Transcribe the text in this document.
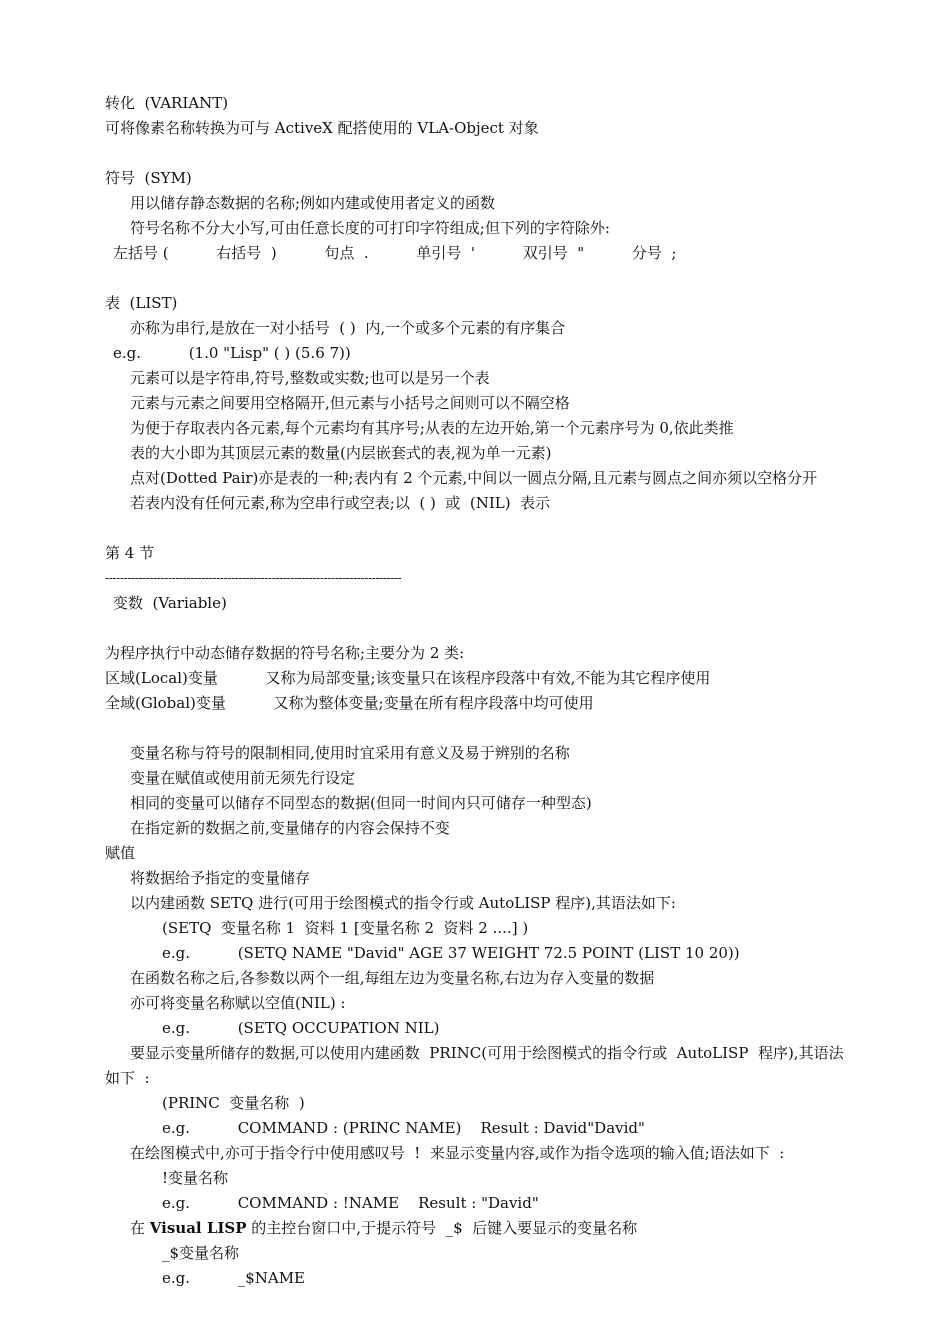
转化  (VARIANT)
可将像素名称转换为可与 ActiveX 配搭使用的 VLA-Object 对象
符号  (SYM)
用以储存静态数据的名称;例如内建或使用者定义的函数
符号名称不分大小写,可由任意长度的可打印字符组成;但下列的字符除外:
左括号 (          右括号  )          句点  .          单引号  '          双引号  "          分号  ;
表  (LIST)
亦称为串行,是放在一对小括号  ( )  内,一个或多个元素的有序集合
e.g.          (1.0 "Lisp" ( ) (5.6 7))
元素可以是字符串,符号,整数或实数;也可以是另一个表
元素与元素之间要用空格隔开,但元素与小括号之间则可以不隔空格
为便于存取表内各元素,每个元素均有其序号;从表的左边开始,第一个元素序号为 0,依此类推
表的大小即为其顶层元素的数量(内层嵌套式的表,视为单一元素)
点对(Dotted Pair)亦是表的一种;表内有 2 个元素,中间以一圆点分隔,且元素与圆点之间亦须以空格分开
若表内没有任何元素,称为空串行或空表;以  ( )  或  (NIL)  表示
第 4 节
--------------------------------------------------------------------------------
变数  (Variable)
为程序执行中动态储存数据的符号名称;主要分为 2 类:
区域(Local)变量          又称为局部变量;该变量只在该程序段落中有效,不能为其它程序使用
全域(Global)变量          又称为整体变量;变量在所有程序段落中均可使用
变量名称与符号的限制相同,使用时宜采用有意义及易于辨别的名称
变量在赋值或使用前无须先行设定
相同的变量可以储存不同型态的数据(但同一时间内只可储存一种型态)
在指定新的数据之前,变量储存的内容会保持不变
赋值
将数据给予指定的变量储存
以内建函数 SETQ 进行(可用于绘图模式的指令行或 AutoLISP 程序),其语法如下:
(SETQ  变量名称 1  资料 1 [变量名称 2  资料 2 ....] )
e.g.          (SETQ NAME "David" AGE 37 WEIGHT 72.5 POINT (LIST 10 20))
在函数名称之后,各参数以两个一组,每组左边为变量名称,右边为存入变量的数据
亦可将变量名称赋以空值(NIL) :
e.g.          (SETQ OCCUPATION NIL)
要显示变量所储存的数据,可以使用内建函数  PRINC(可用于绘图模式的指令行或  AutoLISP  程序),其语法
如下  :
(PRINC  变量名称  )
e.g.          COMMAND : (PRINC NAME)    Result : David"David"
在绘图模式中,亦可于指令行中使用感叹号  !  来显示变量内容,或作为指令选项的输入值;语法如下  :
!变量名称
e.g.          COMMAND : !NAME    Result : "David"
在 Visual LISP 的主控台窗口中,于提示符号  _$  后键入要显示的变量名称
_$变量名称
e.g.          _$NAME
